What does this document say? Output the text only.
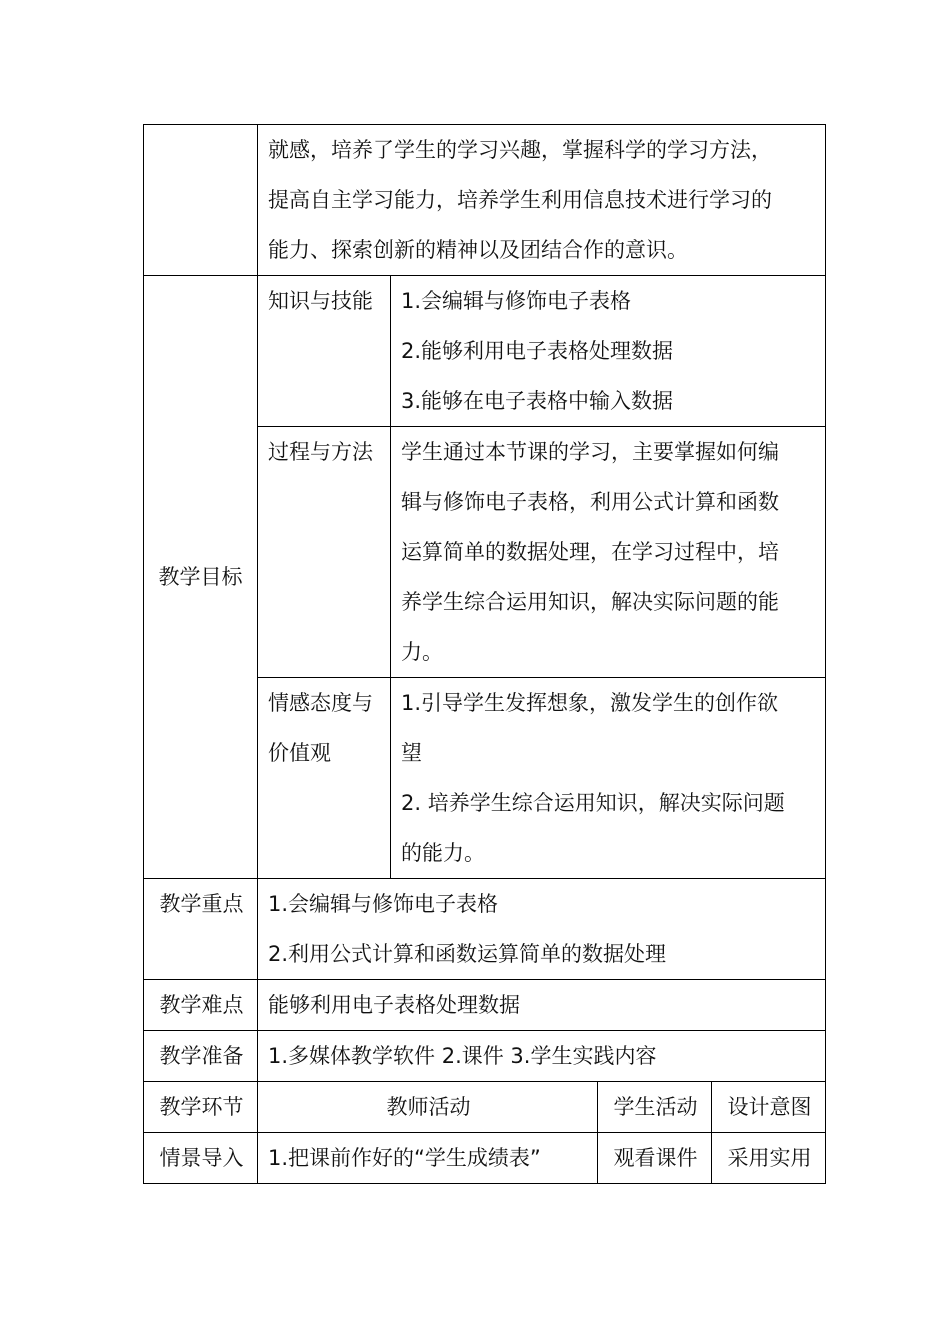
	就感，培养了学生的学习兴趣，掌握科学的学习方法，
提高自主学习能力，培养学生利用信息技术进行学习的
能力、探索创新的精神以及团结合作的意识。			

教学目标	知识与技能	1.会编辑与修饰电子表格
2.能够利用电子表格处理数据
3.能够在电子表格中输入数据		

	过程与方法	学生通过本节课的学习，主要掌握如何编
辑与修饰电子表格，利用公式计算和函数
运算简单的数据处理，在学习过程中，培
养学生综合运用知识，解决实际问题的能
力。		

	情感态度与
价值观	1.引导学生发挥想象，激发学生的创作欲
望
2. 培养学生综合运用知识，解决实际问题
的能力。		

教学重点	1.会编辑与修饰电子表格
2.利用公式计算和函数运算简单的数据处理			

教学难点	能够利用电子表格处理数据			
教学准备	1.多媒体教学软件 2.课件 3.学生实践内容			
教学环节	教师活动		学生活动	设计意图
情景导入	1.把课前作好的“学生成绩表”		观看课件	采用实用
